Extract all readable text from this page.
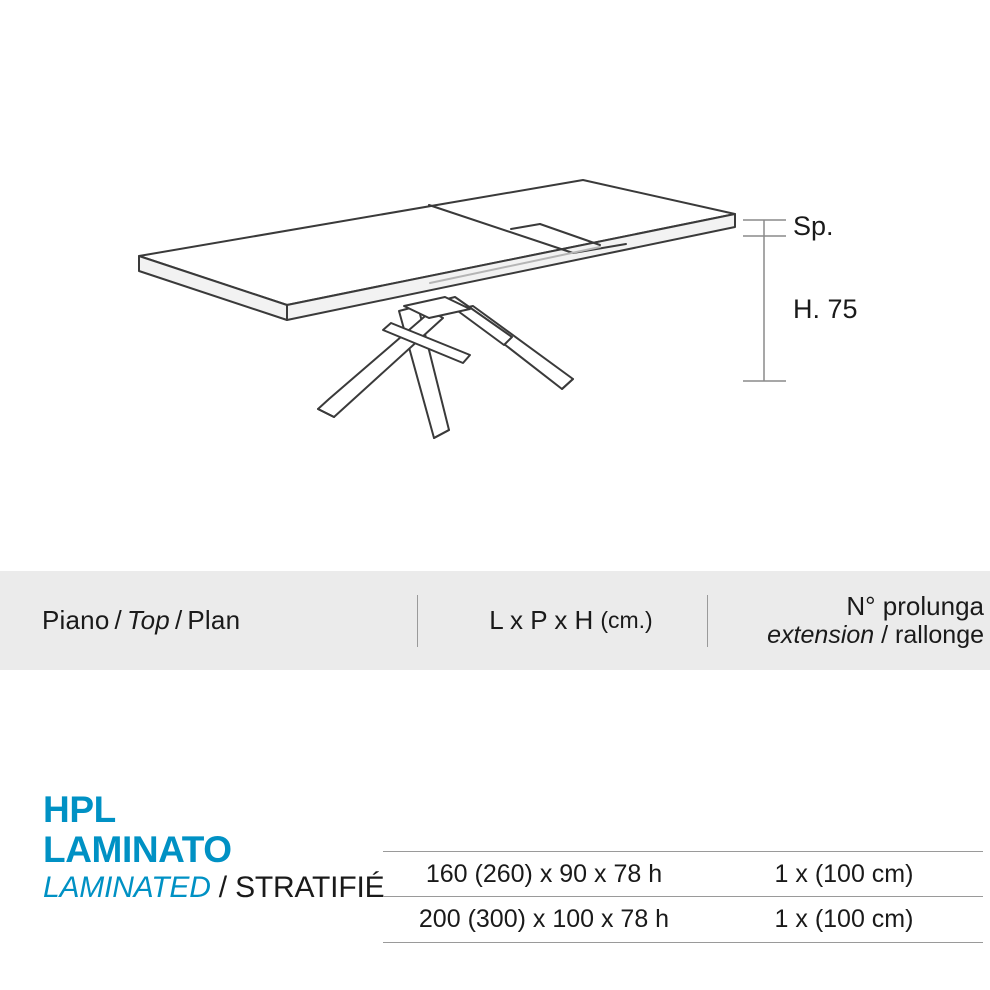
Sp.
H. 75
Piano / Top / Plan	L x P x H (cm.)	N° prolunga
extension / rallonge
HPL
LAMINATO
LAMINATED / STRATIFIÉ	160 (260) x 90 x 78 h	1 x (100 cm)
200 (300) x 100 x 78 h	1 x (100 cm)
